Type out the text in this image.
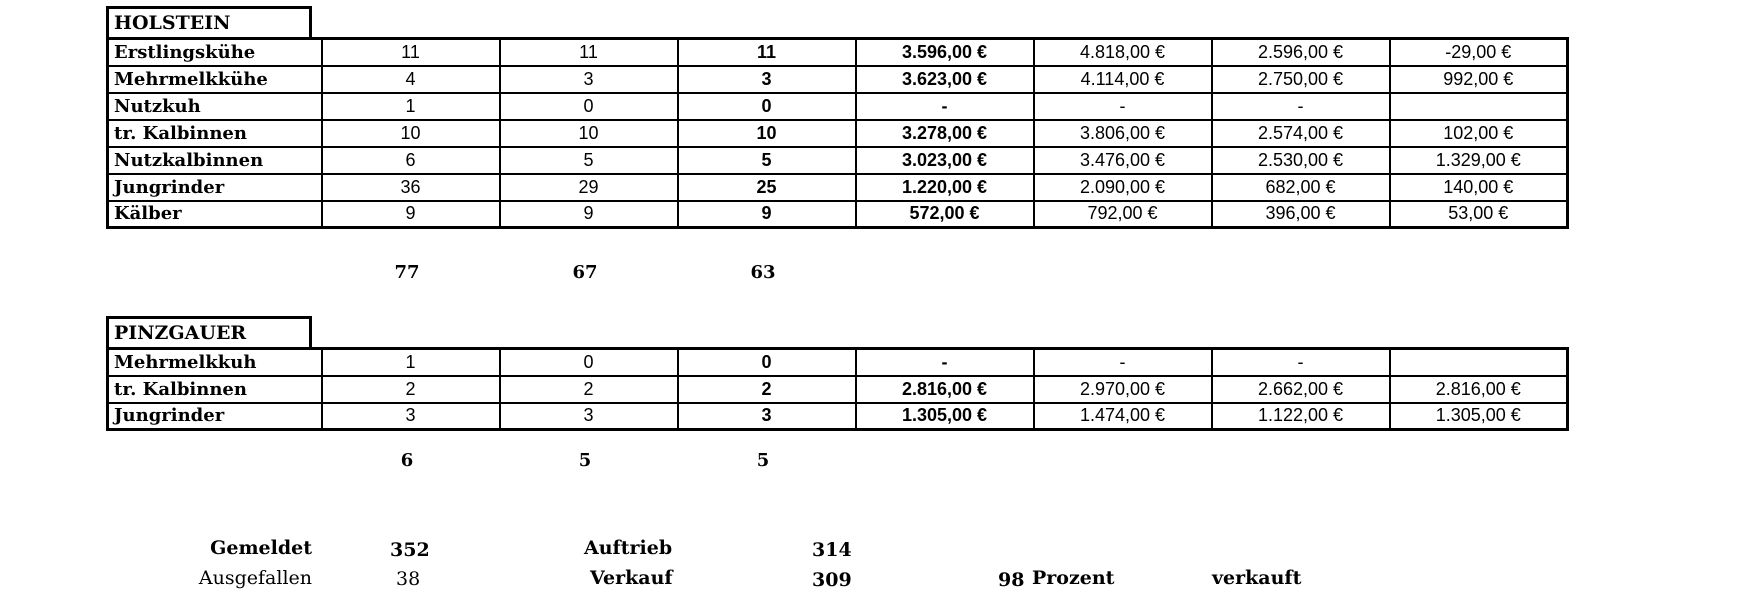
HOLSTEIN
Erstlingskühe	11	11	11	3.596,00 €	4.818,00 €	2.596,00 €	-29,00 €
Mehrmelkkühe	4	3	3	3.623,00 €	4.114,00 €	2.750,00 €	992,00 €
Nutzkuh	1	0	0	-	-	-	
tr. Kalbinnen	10	10	10	3.278,00 €	3.806,00 €	2.574,00 €	102,00 €
Nutzkalbinnen	6	5	5	3.023,00 €	3.476,00 €	2.530,00 €	1.329,00 €
Jungrinder	36	29	25	1.220,00 €	2.090,00 €	682,00 €	140,00 €
Kälber	9	9	9	572,00 €	792,00 €	396,00 €	53,00 €
77	67	63
PINZGAUER
Mehrmelkkuh	1	0	0	-	-	-	
tr. Kalbinnen	2	2	2	2.816,00 €	2.970,00 €	2.662,00 €	2.816,00 €
Jungrinder	3	3	3	1.305,00 €	1.474,00 €	1.122,00 €	1.305,00 €
6	5	5
Gemeldet	352	Auftrieb	314
Ausgefallen	38	Verkauf	309	98 Prozent	verkauft
